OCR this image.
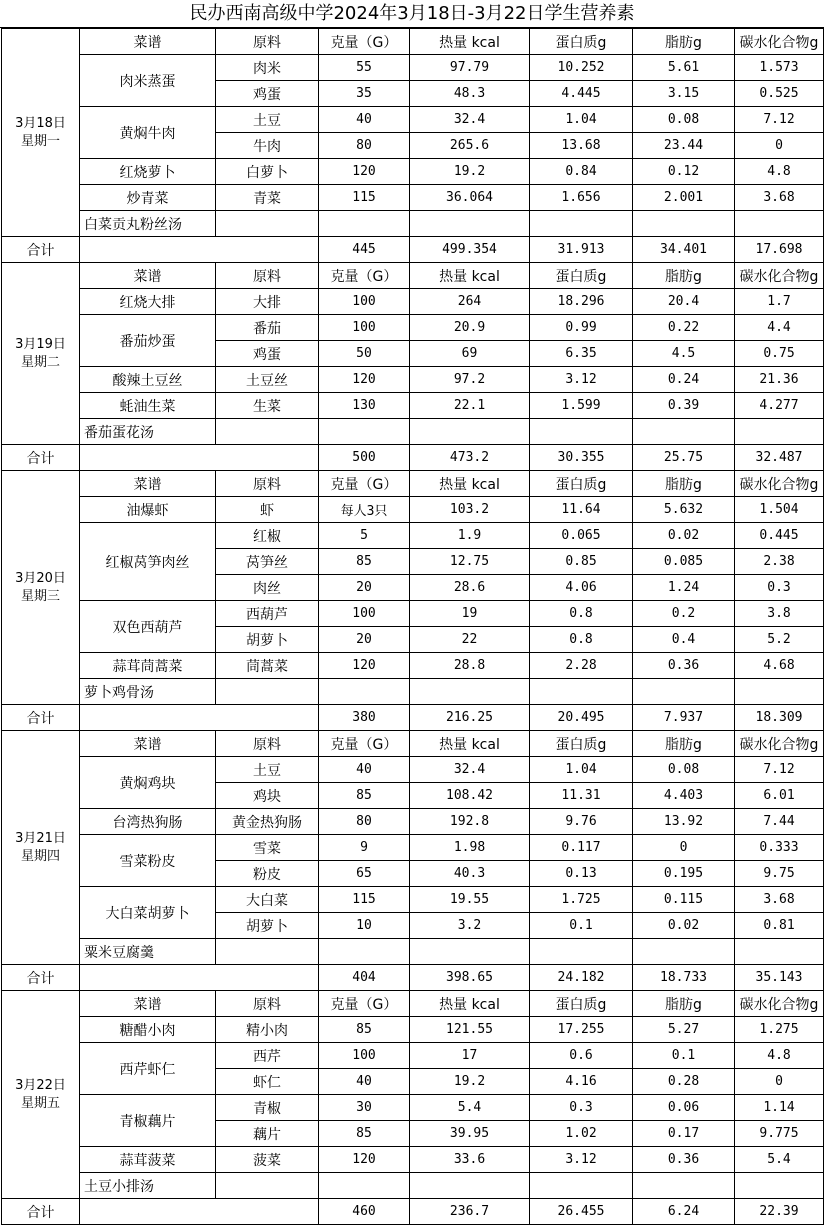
民办西南高级中学2024年3月18日-3月22日学生营养素
3月18日
星期一	菜谱	原料	克量（G）	热量 kcal	蛋白质g	脂肪g	碳水化合物g
	肉米蒸蛋	肉米	55	97.79	10.252	5.61	1.573
		鸡蛋	35	48.3	4.445	3.15	0.525
	黄焖牛肉	土豆	40	32.4	1.04	0.08	7.12
		牛肉	80	265.6	13.68	23.44	0
	红烧萝卜	白萝卜	120	19.2	0.84	0.12	4.8
	炒青菜	青菜	115	36.064	1.656	2.001	3.68
	白菜贡丸粉丝汤						
合计			445	499.354	31.913	34.401	17.698

3月19日
星期二	菜谱	原料	克量（G）	热量 kcal	蛋白质g	脂肪g	碳水化合物g
	红烧大排	大排	100	264	18.296	20.4	1.7
	番茄炒蛋	番茄	100	20.9	0.99	0.22	4.4
		鸡蛋	50	69	6.35	4.5	0.75
	酸辣土豆丝	土豆丝	120	97.2	3.12	0.24	21.36
	蚝油生菜	生菜	130	22.1	1.599	0.39	4.277
	番茄蛋花汤						
合计			500	473.2	30.355	25.75	32.487

3月20日
星期三	菜谱	原料	克量（G）	热量 kcal	蛋白质g	脂肪g	碳水化合物g
	油爆虾	虾	每人3只	103.2	11.64	5.632	1.504
	红椒莴笋肉丝	红椒	5	1.9	0.065	0.02	0.445
		莴笋丝	85	12.75	0.85	0.085	2.38
		肉丝	20	28.6	4.06	1.24	0.3
	双色西葫芦	西葫芦	100	19	0.8	0.2	3.8
		胡萝卜	20	22	0.8	0.4	5.2
	蒜茸茼蒿菜	茼蒿菜	120	28.8	2.28	0.36	4.68
	萝卜鸡骨汤						
合计			380	216.25	20.495	7.937	18.309

3月21日
星期四	菜谱	原料	克量（G）	热量 kcal	蛋白质g	脂肪g	碳水化合物g
	黄焖鸡块	土豆	40	32.4	1.04	0.08	7.12
		鸡块	85	108.42	11.31	4.403	6.01
	台湾热狗肠	黄金热狗肠	80	192.8	9.76	13.92	7.44
	雪菜粉皮	雪菜	9	1.98	0.117	0	0.333
		粉皮	65	40.3	0.13	0.195	9.75
	大白菜胡萝卜	大白菜	115	19.55	1.725	0.115	3.68
		胡萝卜	10	3.2	0.1	0.02	0.81
	粟米豆腐羹						
合计			404	398.65	24.182	18.733	35.143

3月22日
星期五	菜谱	原料	克量（G）	热量 kcal	蛋白质g	脂肪g	碳水化合物g
	糖醋小肉	精小肉	85	121.55	17.255	5.27	1.275
	西芹虾仁	西芹	100	17	0.6	0.1	4.8
		虾仁	40	19.2	4.16	0.28	0
	青椒藕片	青椒	30	5.4	0.3	0.06	1.14
		藕片	85	39.95	1.02	0.17	9.775
	蒜茸菠菜	菠菜	120	33.6	3.12	0.36	5.4
	土豆小排汤						
合计			460	236.7	26.455	6.24	22.39
